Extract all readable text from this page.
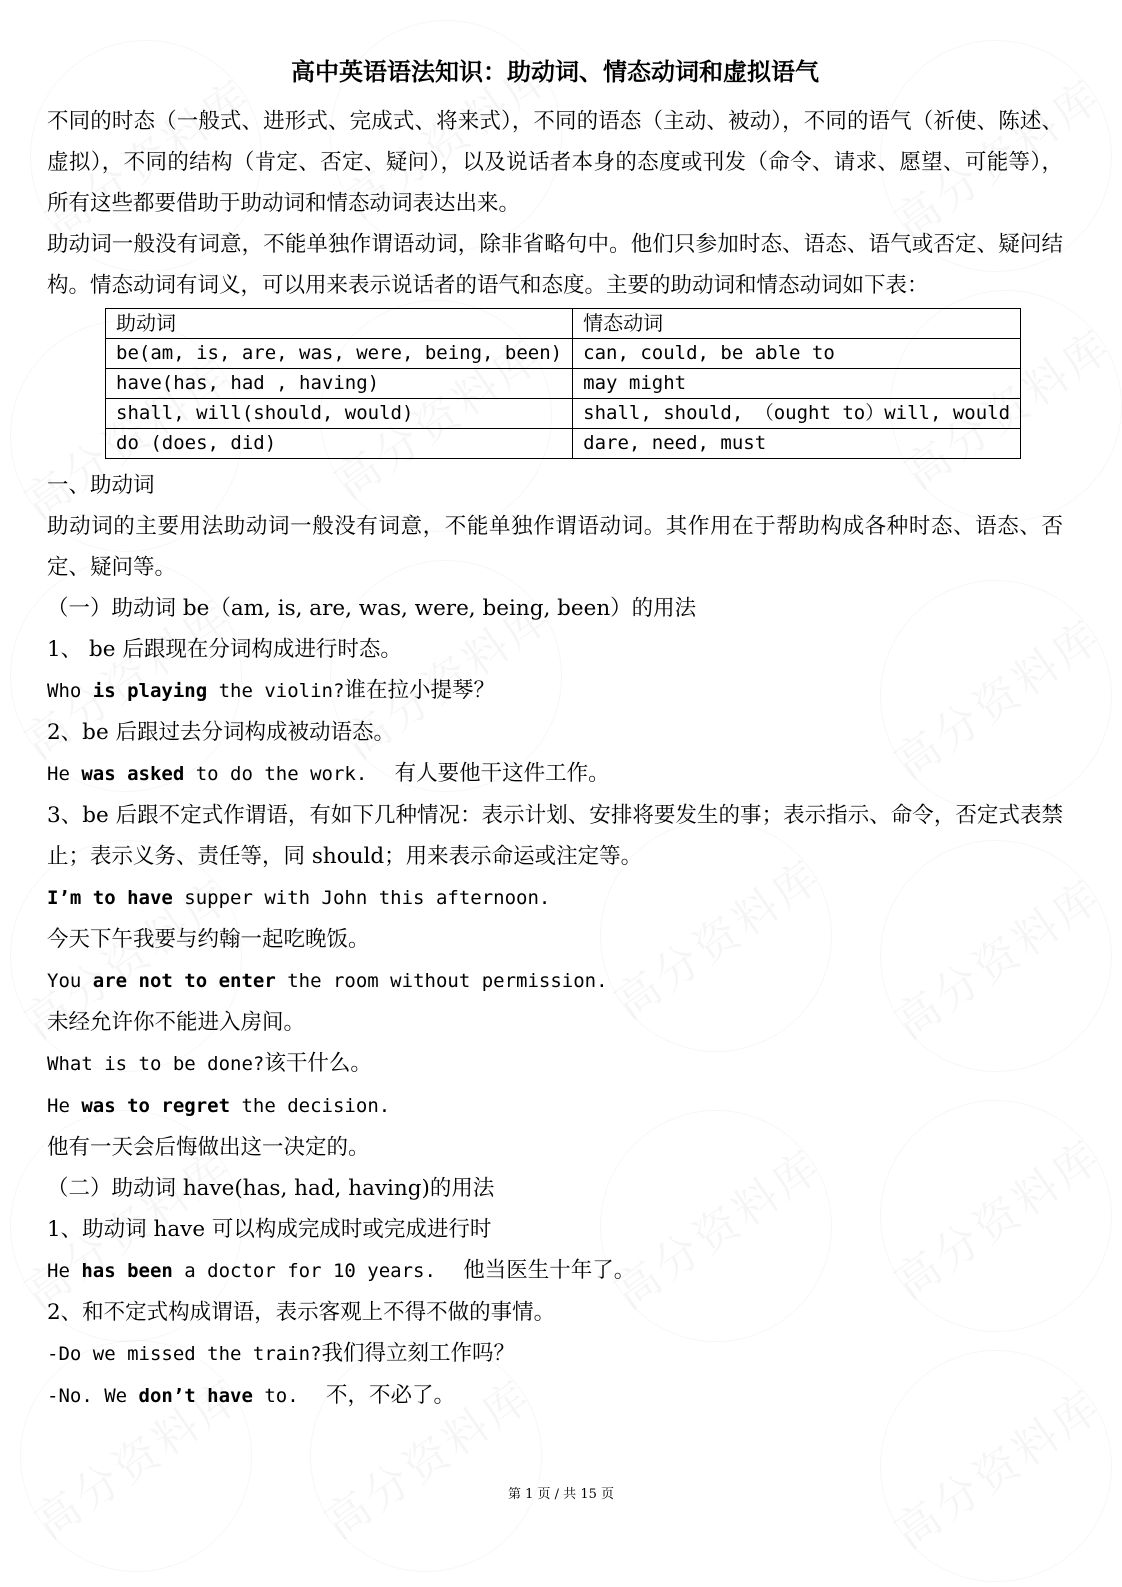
高中英语语法知识：助动词、情态动词和虚拟语气

不同的时态（一般式、进形式、完成式、将来式），不同的语态（主动、被动），不同的语气（祈使、陈述、虚拟），不同的结构（肯定、否定、疑问），以及说话者本身的态度或刊发（命令、请求、愿望、可能等），所有这些都要借助于助动词和情态动词表达出来。

助动词一般没有词意，不能单独作谓语动词，除非省略句中。他们只参加时态、语态、语气或否定、疑问结构。情态动词有词义，可以用来表示说话者的语气和态度。主要的助动词和情态动词如下表：

助动词	情态动词
be(am, is, are, was, were, being, been)	can, could, be able to
have(has, had , having)	may might
shall, will(should, would)	shall, should, （ought to）will, would
do (does, did)	dare, need, must

一、助动词

助动词的主要用法助动词一般没有词意，不能单独作谓语动词。其作用在于帮助构成各种时态、语态、否定、疑问等。

（一）助动词 be（am, is, are, was, were, being, been）的用法

1、 be 后跟现在分词构成进行时态。

Who is playing the violin?谁在拉小提琴？

2、be 后跟过去分词构成被动语态。

He was asked to do the work. 有人要他干这件工作。

3、be 后跟不定式作谓语，有如下几种情况：表示计划、安排将要发生的事；表示指示、命令，否定式表禁止；表示义务、责任等，同 should；用来表示命运或注定等。

I’m to have supper with John this afternoon.

今天下午我要与约翰一起吃晚饭。

You are not to enter the room without permission.

未经允许你不能进入房间。

What is to be done?该干什么。

He was to regret the decision.

他有一天会后悔做出这一决定的。

（二）助动词 have(has, had, having)的用法

1、助动词 have 可以构成完成时或完成进行时

He has been a doctor for 10 years. 他当医生十年了。

2、和不定式构成谓语，表示客观上不得不做的事情。

-Do we missed the train?我们得立刻工作吗？

-No. We don’t have to. 不，不必了。

第 1 页 / 共 15 页
